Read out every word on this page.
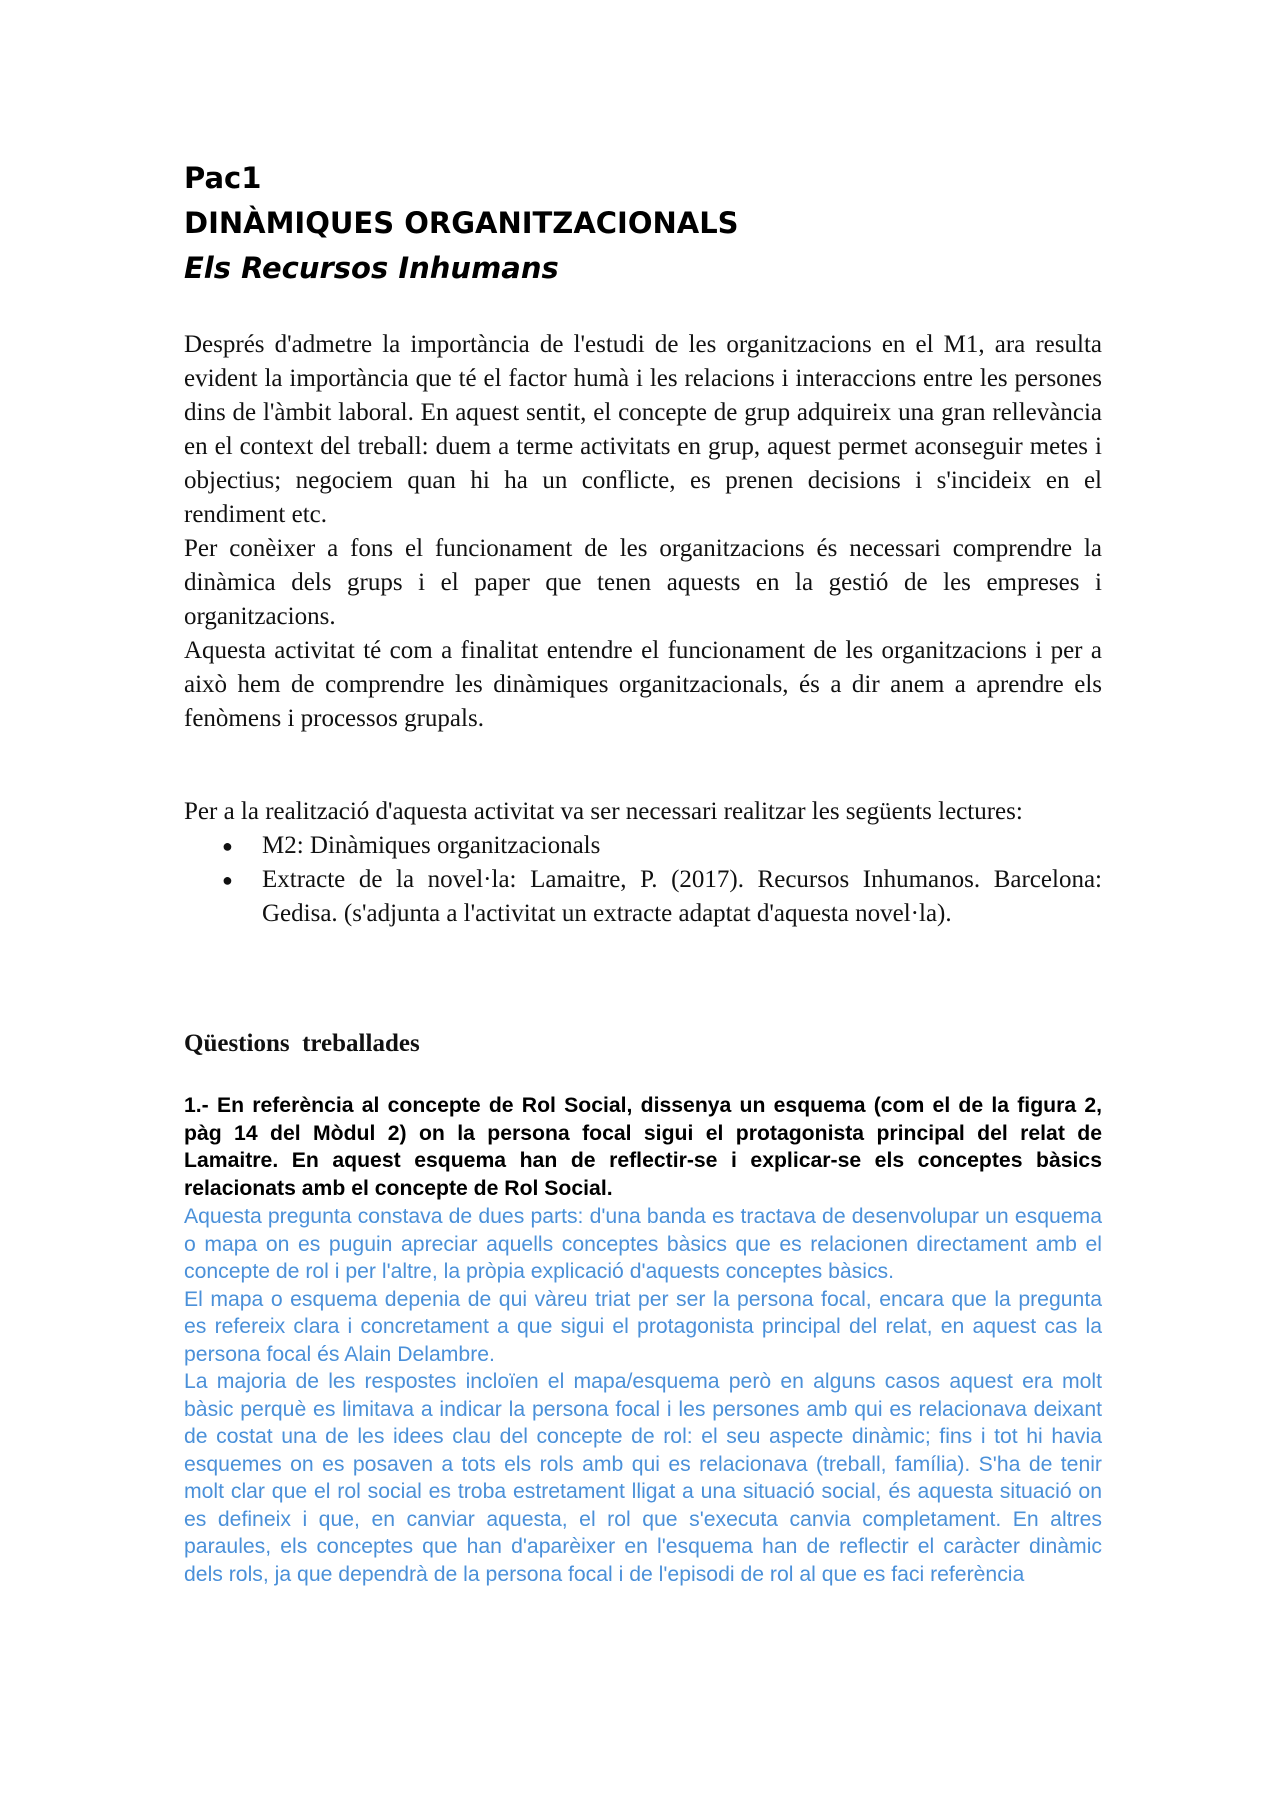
Pac1

DINÀMIQUES ORGANITZACIONALS

Els Recursos Inhumans

Després d'admetre la importància de l'estudi de les organitzacions en el M1, ara resulta evident la importància que té el factor humà i les relacions i interaccions entre les persones dins de l'àmbit laboral. En aquest sentit, el concepte de grup adquireix una gran rellevància en el context del treball: duem a terme activitats en grup, aquest permet aconseguir metes i objectius; negociem quan hi ha un conflicte, es prenen decisions i s'incideix en el rendiment etc.

Per conèixer a fons el funcionament de les organitzacions és necessari comprendre la dinàmica dels grups i el paper que tenen aquests en la gestió de les empreses i organitzacions.

Aquesta activitat té com a finalitat entendre el funcionament de les organitzacions i per a això hem de comprendre les dinàmiques organitzacionals, és a dir anem a aprendre els fenòmens i processos grupals.

Per a la realització d'aquesta activitat va ser necessari realitzar les següents lectures:

● M2: Dinàmiques organitzacionals
● Extracte de la novel·la: Lamaitre, P. (2017). Recursos Inhumanos. Barcelona: Gedisa. (s'adjunta a l'activitat un extracte adaptat d'aquesta novel·la).

Qüestions  treballades

1.- En referència al concepte de Rol Social, dissenya un esquema (com el de la figura 2, pàg 14 del Mòdul 2) on la persona focal sigui el protagonista principal del relat de Lamaitre. En aquest esquema han de reflectir-se i explicar-se els conceptes bàsics relacionats amb el concepte de Rol Social.

Aquesta pregunta constava de dues parts: d'una banda es tractava de desenvolupar un esquema o mapa on es puguin apreciar aquells conceptes bàsics que es relacionen directament amb el concepte de rol i per l'altre, la pròpia explicació d'aquests conceptes bàsics.

El mapa o esquema depenia de qui vàreu triat per ser la persona focal, encara que la pregunta es refereix clara i concretament a que sigui el protagonista principal del relat, en aquest cas la persona focal és Alain Delambre.

La majoria de les respostes incloïen el mapa/esquema però en alguns casos aquest era molt bàsic perquè es limitava a indicar la persona focal i les persones amb qui es relacionava deixant de costat una de les idees clau del concepte de rol: el seu aspecte dinàmic; fins i tot hi havia esquemes on es posaven a tots els rols amb qui es relacionava (treball, família). S'ha de tenir molt clar que el rol social es troba estretament lligat a una situació social, és aquesta situació on es defineix i que, en canviar aquesta, el rol que s'executa canvia completament. En altres paraules, els conceptes que han d'aparèixer en l'esquema han de reflectir el caràcter dinàmic dels rols, ja que dependrà de la persona focal i de l'episodi de rol al que es faci referència
